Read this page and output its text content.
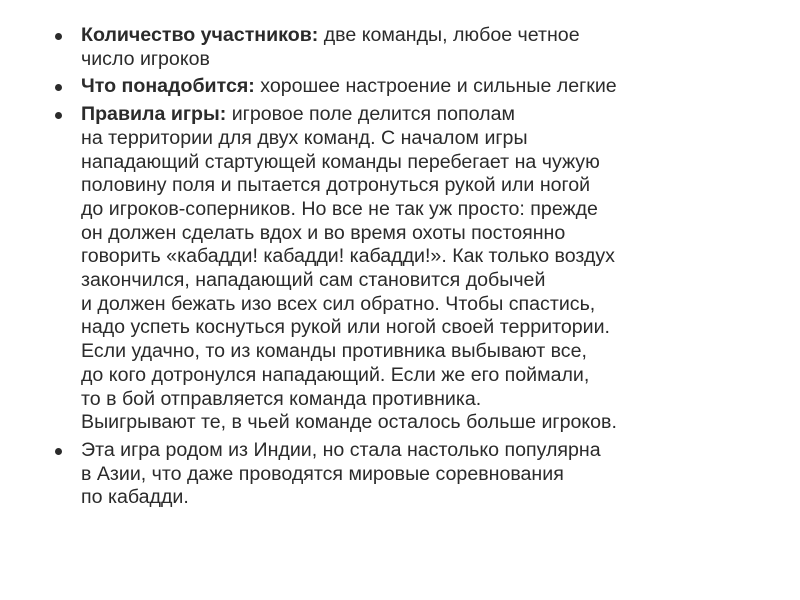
Количество участников: две команды, любое четное
число игроков
Что понадобится: хорошее настроение и сильные легкие
Правила игры: игровое поле делится пополам
на территории для двух команд. С началом игры
нападающий стартующей команды перебегает на чужую
половину поля и пытается дотронуться рукой или ногой
до игроков-соперников. Но все не так уж просто: прежде
он должен сделать вдох и во время охоты постоянно
говорить «кабадди! кабадди! кабадди!». Как только воздух
закончился, нападающий сам становится добычей
и должен бежать изо всех сил обратно. Чтобы спастись,
надо успеть коснуться рукой или ногой своей территории.
Если удачно, то из команды противника выбывают все,
до кого дотронулся нападающий. Если же его поймали,
то в бой отправляется команда противника.
Выигрывают те, в чьей команде осталось больше игроков.
Эта игра родом из Индии, но стала настолько популярна
в Азии, что даже проводятся мировые соревнования
по кабадди.
